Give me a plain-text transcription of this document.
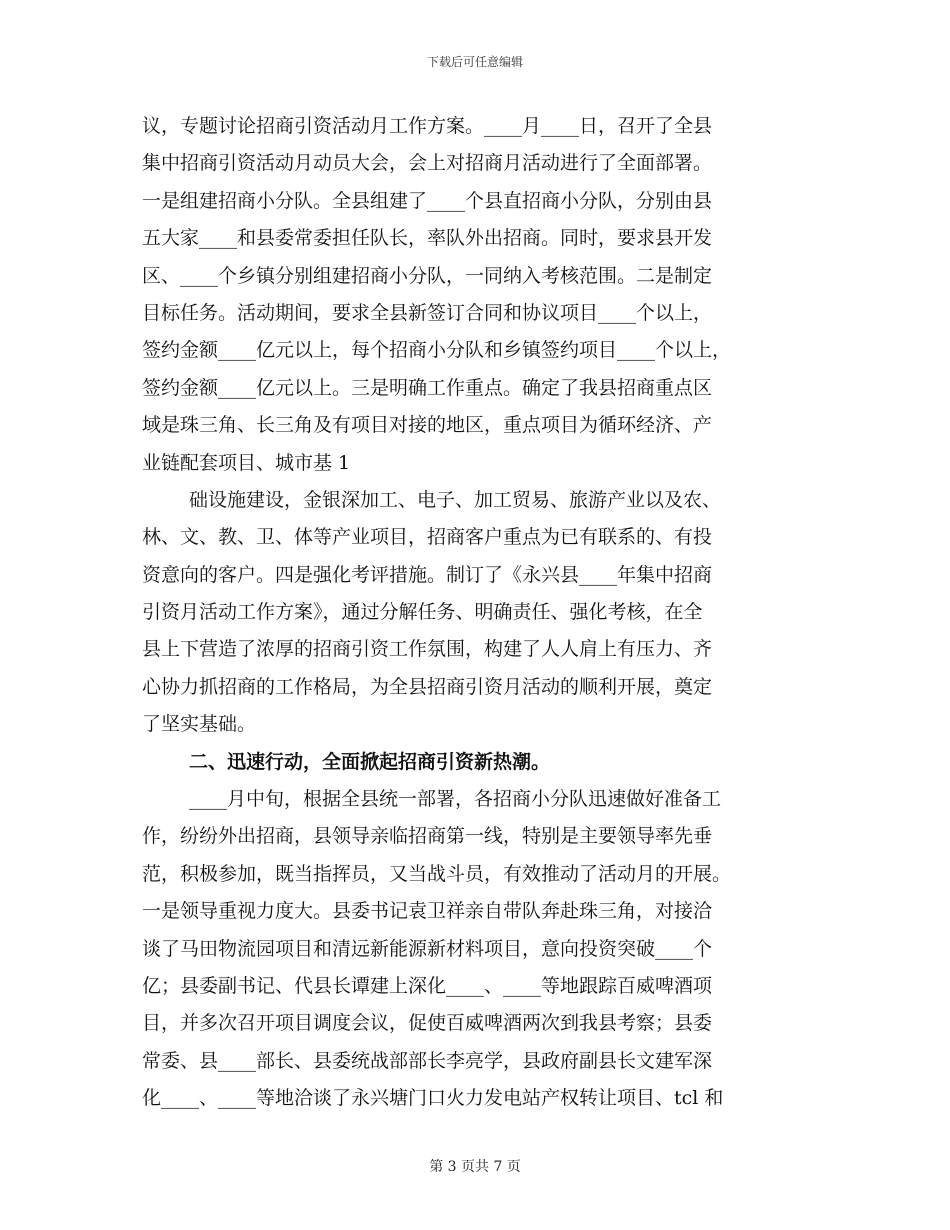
下载后可任意编辑
议，专题讨论招商引资活动月工作方案。____月____日，召开了全县
集中招商引资活动月动员大会，会上对招商月活动进行了全面部署。
一是组建招商小分队。全县组建了____个县直招商小分队，分别由县
五大家____和县委常委担任队长，率队外出招商。同时，要求县开发
区、____个乡镇分别组建招商小分队，一同纳入考核范围。二是制定
目标任务。活动期间，要求全县新签订合同和协议项目____个以上，
签约金额____亿元以上，每个招商小分队和乡镇签约项目____个以上，
签约金额____亿元以上。三是明确工作重点。确定了我县招商重点区
域是珠三角、长三角及有项目对接的地区，重点项目为循环经济、产
业链配套项目、城市基 1
础设施建设，金银深加工、电子、加工贸易、旅游产业以及农、
林、文、教、卫、体等产业项目，招商客户重点为已有联系的、有投
资意向的客户。四是强化考评措施。制订了《永兴县____年集中招商
引资月活动工作方案》，通过分解任务、明确责任、强化考核，在全
县上下营造了浓厚的招商引资工作氛围，构建了人人肩上有压力、齐
心协力抓招商的工作格局，为全县招商引资月活动的顺利开展，奠定
了坚实基础。
二、迅速行动，全面掀起招商引资新热潮。
____月中旬，根据全县统一部署，各招商小分队迅速做好准备工
作，纷纷外出招商，县领导亲临招商第一线，特别是主要领导率先垂
范，积极参加，既当指挥员，又当战斗员，有效推动了活动月的开展。
一是领导重视力度大。县委书记袁卫祥亲自带队奔赴珠三角，对接洽
谈了马田物流园项目和清远新能源新材料项目，意向投资突破____个
亿；县委副书记、代县长谭建上深化____、____等地跟踪百威啤酒项
目，并多次召开项目调度会议，促使百威啤酒两次到我县考察；县委
常委、县____部长、县委统战部部长李亮学，县政府副县长文建军深
化____、____等地洽谈了永兴塘门口火力发电站产权转让项目、tcl 和
第 3 页共 7 页
